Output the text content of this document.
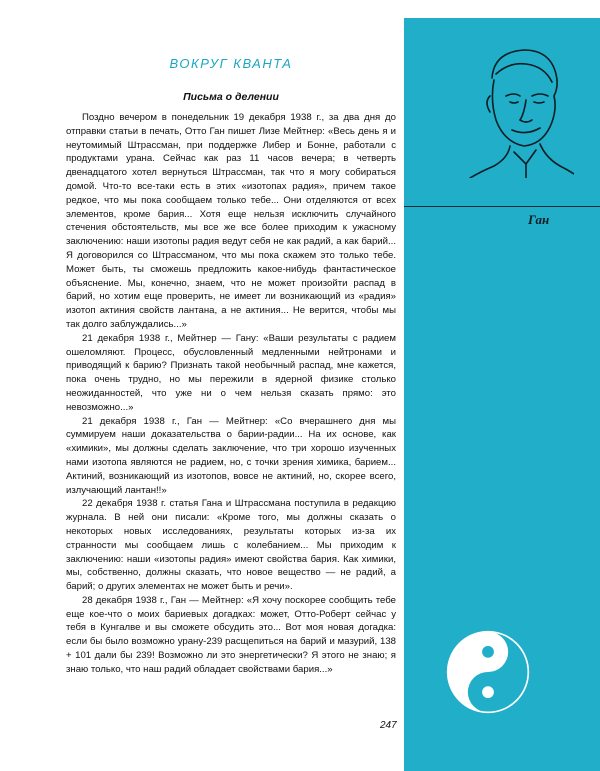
ВОКРУГ КВАНТА
Письма о делении

Поздно вечером в понедельник 19 декабря 1938 г., за два дня до отправки статьи в печать, Отто Ган пишет Лизе Мейтнер: «Весь день я и неутомимый Штрассман, при поддержке Либер и Бонне, работали с продуктами урана. Сейчас как раз 11 часов вечера; в четверть двенадцатого хотел вернуться Штрассман, так что я могу собираться домой. Что-то все-таки есть в этих «изотопах радия», причем такое редкое, что мы пока сообщаем только тебе... Они отделяются от всех элементов, кроме бария... Хотя еще нельзя исключить случайного стечения обстоятельств, мы все же все более приходим к ужасному заключению: наши изотопы радия ведут себя не как радий, а как барий... Я договорился со Штрассманом, что мы пока скажем это только тебе. Может быть, ты сможешь предложить какое-нибудь фантастическое объяснение. Мы, конечно, знаем, что не может произойти распад в барий, но хотим еще проверить, не имеет ли возникающий из «радия» изотоп актиния свойств лантана, а не актиния... Не верится, чтобы мы так долго заблуждались...»

21 декабря 1938 г., Мейтнер — Гану: «Ваши результаты с радием ошеломляют. Процесс, обусловленный медленными нейтронами и приводящий к барию? Признать такой необычный распад, мне кажется, пока очень трудно, но мы пережили в ядерной физике столько неожиданностей, что уже ни о чем нельзя сказать прямо: это невозможно...»

21 декабря 1938 г., Ган — Мейтнер: «Со вчерашнего дня мы суммируем наши доказательства о барии-радии... На их основе, как «химики», мы должны сделать заключение, что три хорошо изученных нами изотопа являются не радием, но, с точки зрения химика, барием... Актиний, возникающий из изотопов, вовсе не актиний, но, скорее всего, излучающий лантан!!»

22 декабря 1938 г. статья Гана и Штрассмана поступила в редакцию журнала. В ней они писали: «Кроме того, мы должны сказать о некоторых новых исследованиях, результаты которых из-за их странности мы сообщаем лишь с колебанием... Мы приходим к заключению: наши «изотопы радия» имеют свойства бария. Как химики, мы, собственно, должны сказать, что новое вещество — не радий, а барий; о других элементах не может быть и речи».

28 декабря 1938 г., Ган — Мейтнер: «Я хочу поскорее сообщить тебе еще кое-что о моих бариевых догадках: может, Отто-Роберт сейчас у тебя в Кунгалве и вы сможете обсудить это... Вот моя новая догадка: если бы было возможно урану-239 расщепиться на барий и мазурий, 138 + 101 дали бы 239! Возможно ли это энергетически? Я этого не знаю; я знаю только, что наш радий обладает свойствами бария...»

Ган
247
